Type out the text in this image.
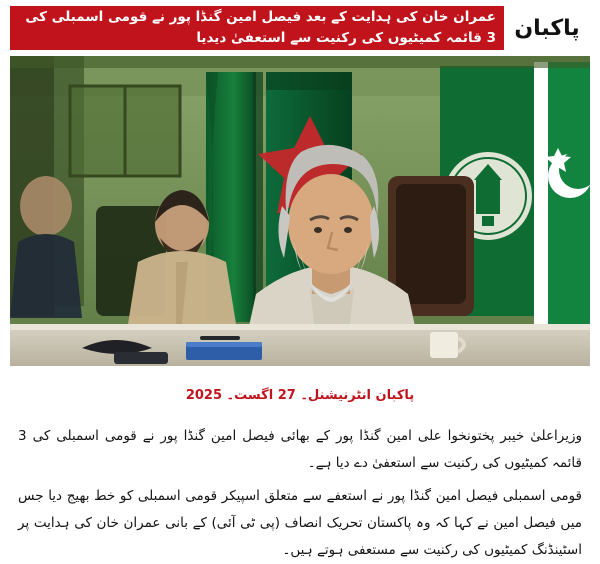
پاکبان
عمران خان کی ہدایت کے بعد فیصل امین گنڈا پور نے قومی اسمبلی کی 3 قائمہ کمیٹیوں کی رکنیت سے استعفیٰ دیدیا
پاکبان انٹرنیشنل۔ 27 اگست۔ 2025

وزیراعلیٰ خیبر پختونخوا علی امین گنڈا پور کے بھائی فیصل امین گنڈا پور نے قومی اسمبلی کی 3 قائمہ کمیٹیوں کی رکنیت سے استعفیٰ دے دیا ہے۔

قومی اسمبلی فیصل امین گنڈا پور نے استعفے سے متعلق اسپیکر قومی اسمبلی کو خط بھیج دیا جس میں فیصل امین نے کہا کہ وہ پاکستان تحریک انصاف (پی ٹی آئی) کے بانی عمران خان کی ہدایت پر اسٹینڈنگ کمیٹیوں کی رکنیت سے مستعفی ہوتے ہیں۔
